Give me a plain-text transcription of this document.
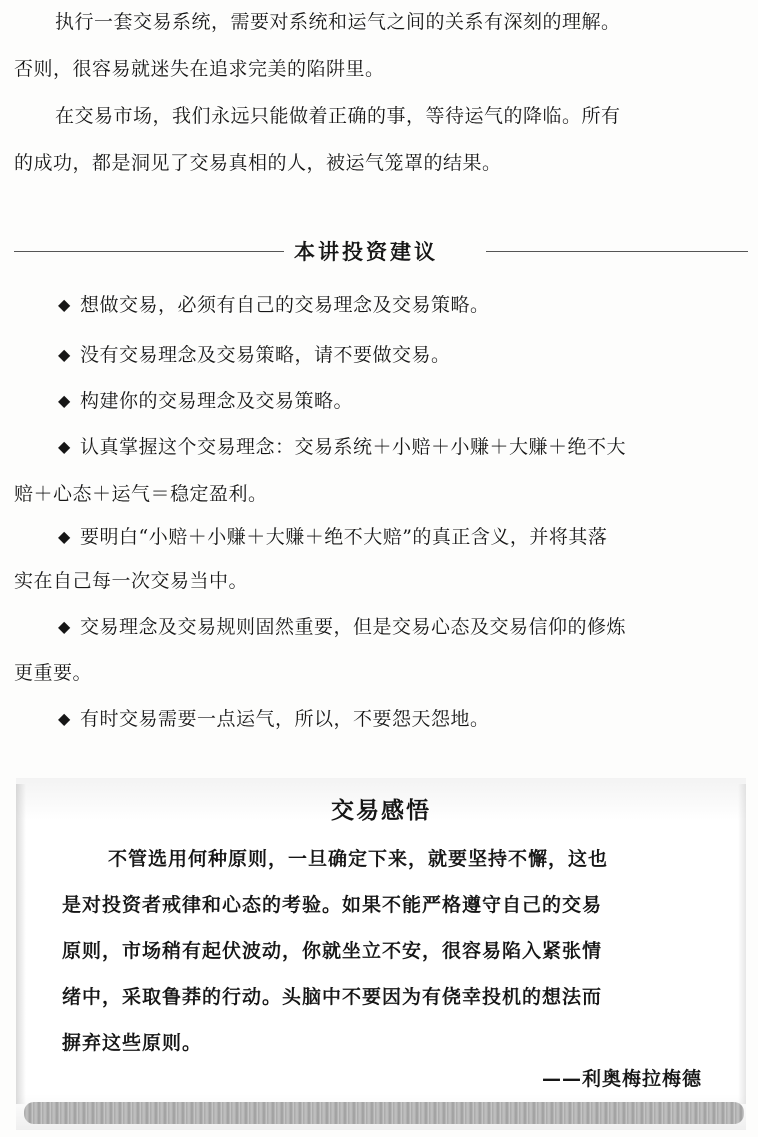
执行一套交易系统，需要对系统和运气之间的关系有深刻的理解。

否则，很容易就迷失在追求完美的陷阱里。

在交易市场，我们永远只能做着正确的事，等待运气的降临。所有

的成功，都是洞见了交易真相的人，被运气笼罩的结果。

本讲投资建议

◆ 想做交易，必须有自己的交易理念及交易策略。

◆ 没有交易理念及交易策略，请不要做交易。

◆ 构建你的交易理念及交易策略。

◆ 认真掌握这个交易理念：交易系统＋小赔＋小赚＋大赚＋绝不大

赔＋心态＋运气＝稳定盈利。

◆ 要明白“小赔＋小赚＋大赚＋绝不大赔”的真正含义，并将其落

实在自己每一次交易当中。

◆ 交易理念及交易规则固然重要，但是交易心态及交易信仰的修炼

更重要。

◆ 有时交易需要一点运气，所以，不要怨天怨地。

交易感悟

不管选用何种原则，一旦确定下来，就要坚持不懈，这也

是对投资者戒律和心态的考验。如果不能严格遵守自己的交易

原则，市场稍有起伏波动，你就坐立不安，很容易陷入紧张情

绪中，采取鲁莽的行动。头脑中不要因为有侥幸投机的想法而

摒弃这些原则。

——利奥梅拉梅德
